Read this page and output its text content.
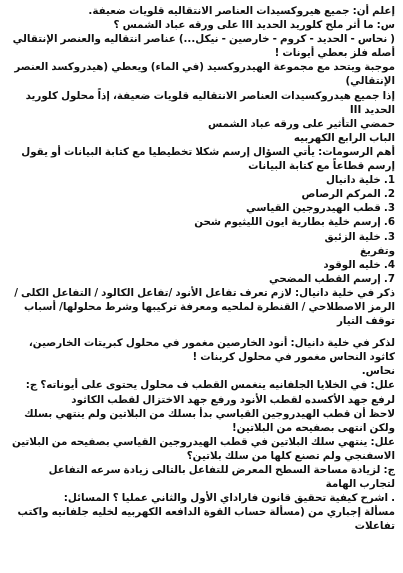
إعلم أن: جميع هيروكسيدات العناصر الانتقاليه قلويات ضعيفة.

س: ما أثر ملح كلوريد الحديد III على ورقه عباد الشمس ؟

( نحاس - الحديد - كروم - خارصين - نيكل...) عناصر انتقاليه والعنصر الإنتقالي أصله فلز بعطي أيونات !

موجبة ويتحد مع مجموعة الهيدروكسيد (في الماء) ويعطي (هيدروكسد العنصر الإنتقالي)

إذا جميع هيدروكسيدات العناصر الانتقاليه قلويات ضعيفة، إذاً محلول كلوريد الحديد III

حمضي التأثير على ورقه عباد الشمس

الباب الرابع الكهربيه

أهم الرسومات: يأتي السؤال إرسم شكلا تخطيطيا مع كتابة البيانات أو يقول إرسم قطاعاً مع كتابة البيانات

1. خلية دانيال

2. المركم الرصاص

3. قطب الهيدروجين القياسي

6. إرسم خلية بطارية ايون الليثيوم شحن

3. خلية الزئبق

وتفريغ

4. خليه الوقود

7. إرسم القطب المضحي

ذكر في خلية دانيال: لازم تعرف تفاعل الأنود /تفاعل الكالود / التفاعل الكلى /الرمز الاصطلاحي / القنطرة لملحيه ومعرفة تركيبها وشرط محلولها/ أسباب توقف التيار

لذكر في خلية دانيال: أنود الخارصين مغمور في محلول كبريتات الخارصين، كاثود النحاس مغمور في محلول كربنات !

نحاس.

علل: في الخلايا الجلفانيه ينغمس القطب ف محلول يحتوى على أيوناته؟ ج: لرفع جهد الأكسده لقطب الأنود ورفع جهد الاختزال لقطب الكاثود

لاحظ أن قطب الهيدروجين القياسي بدأ بسلك من البلاتين ولم ينتهي بسلك ولكن انتهى بصفيحه من البلاتين!

علل: ينتهي سلك البلاتين في قطب الهيدروجين القياسي بصفيحه من البلاتين الاسفنجي ولم تصنع كلها من سلك بلاتين؟

ج: لزيادة مساحة السطح المعرض للتفاعل بالتالى زيادة سرعه التفاعل

لتجارب الهامة

. اشرح كيفية تحقيق قانون فاراداي الأول والثاني عمليا ؟ المسائل:

مسألة إجباري من (مسألة حساب القوة الدافعه الكهربيه لخليه جلفانيه واكتب تفاعلات
